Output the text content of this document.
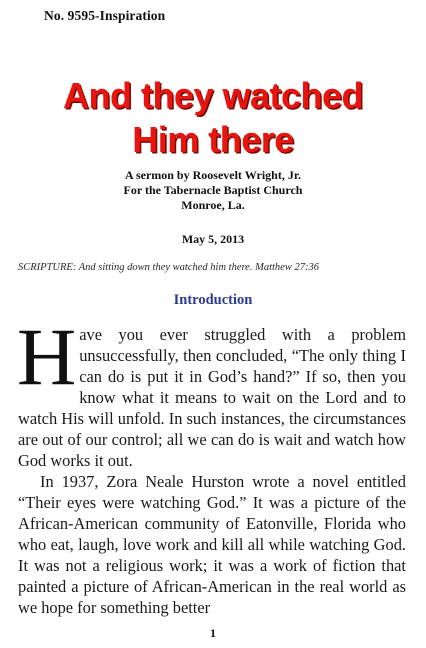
No. 9595-Inspiration
And they watched
Him there
A sermon by Roosevelt Wright, Jr.
For the Tabernacle Baptist Church
Monroe, La.
May 5, 2013
SCRIPTURE: And sitting down they watched him there. Matthew 27:36
Introduction

Have you ever struggled with a problem unsuccessfully, then concluded, “The only thing I can do is put it in God’s hand?” If so, then you know what it means to wait on the Lord and to watch His will unfold. In such instances, the circumstances are out of our control; all we can do is wait and watch how God works it out.

In 1937, Zora Neale Hurston wrote a novel entitled “Their eyes were watching God.” It was a picture of the African-American community of Eatonville, Florida who who eat, laugh, love work and kill all while watching God. It was not a religious work; it was a work of fiction that painted a picture of African-American in the real world as we hope for something better

1
